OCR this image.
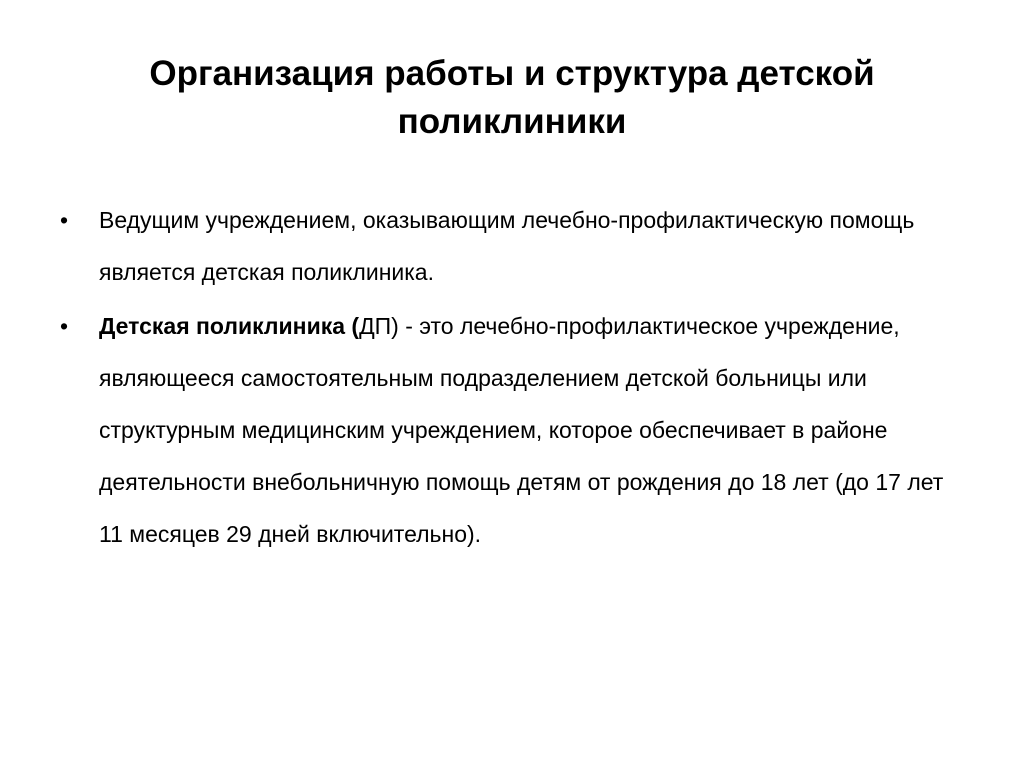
Организация работы и структура детской поликлиники
• Ведущим учреждением, оказывающим лечебно-профилактическую помощь является детская поликлиника.
• Детская поликлиника (ДП) - это лечебно-профилактическое учреждение, являющееся самостоятельным подразделением детской больницы или структурным медицинским учреждением, которое обеспечивает в районе деятельности внебольничную помощь детям от рождения до 18 лет (до 17 лет 11 месяцев 29 дней включительно).
